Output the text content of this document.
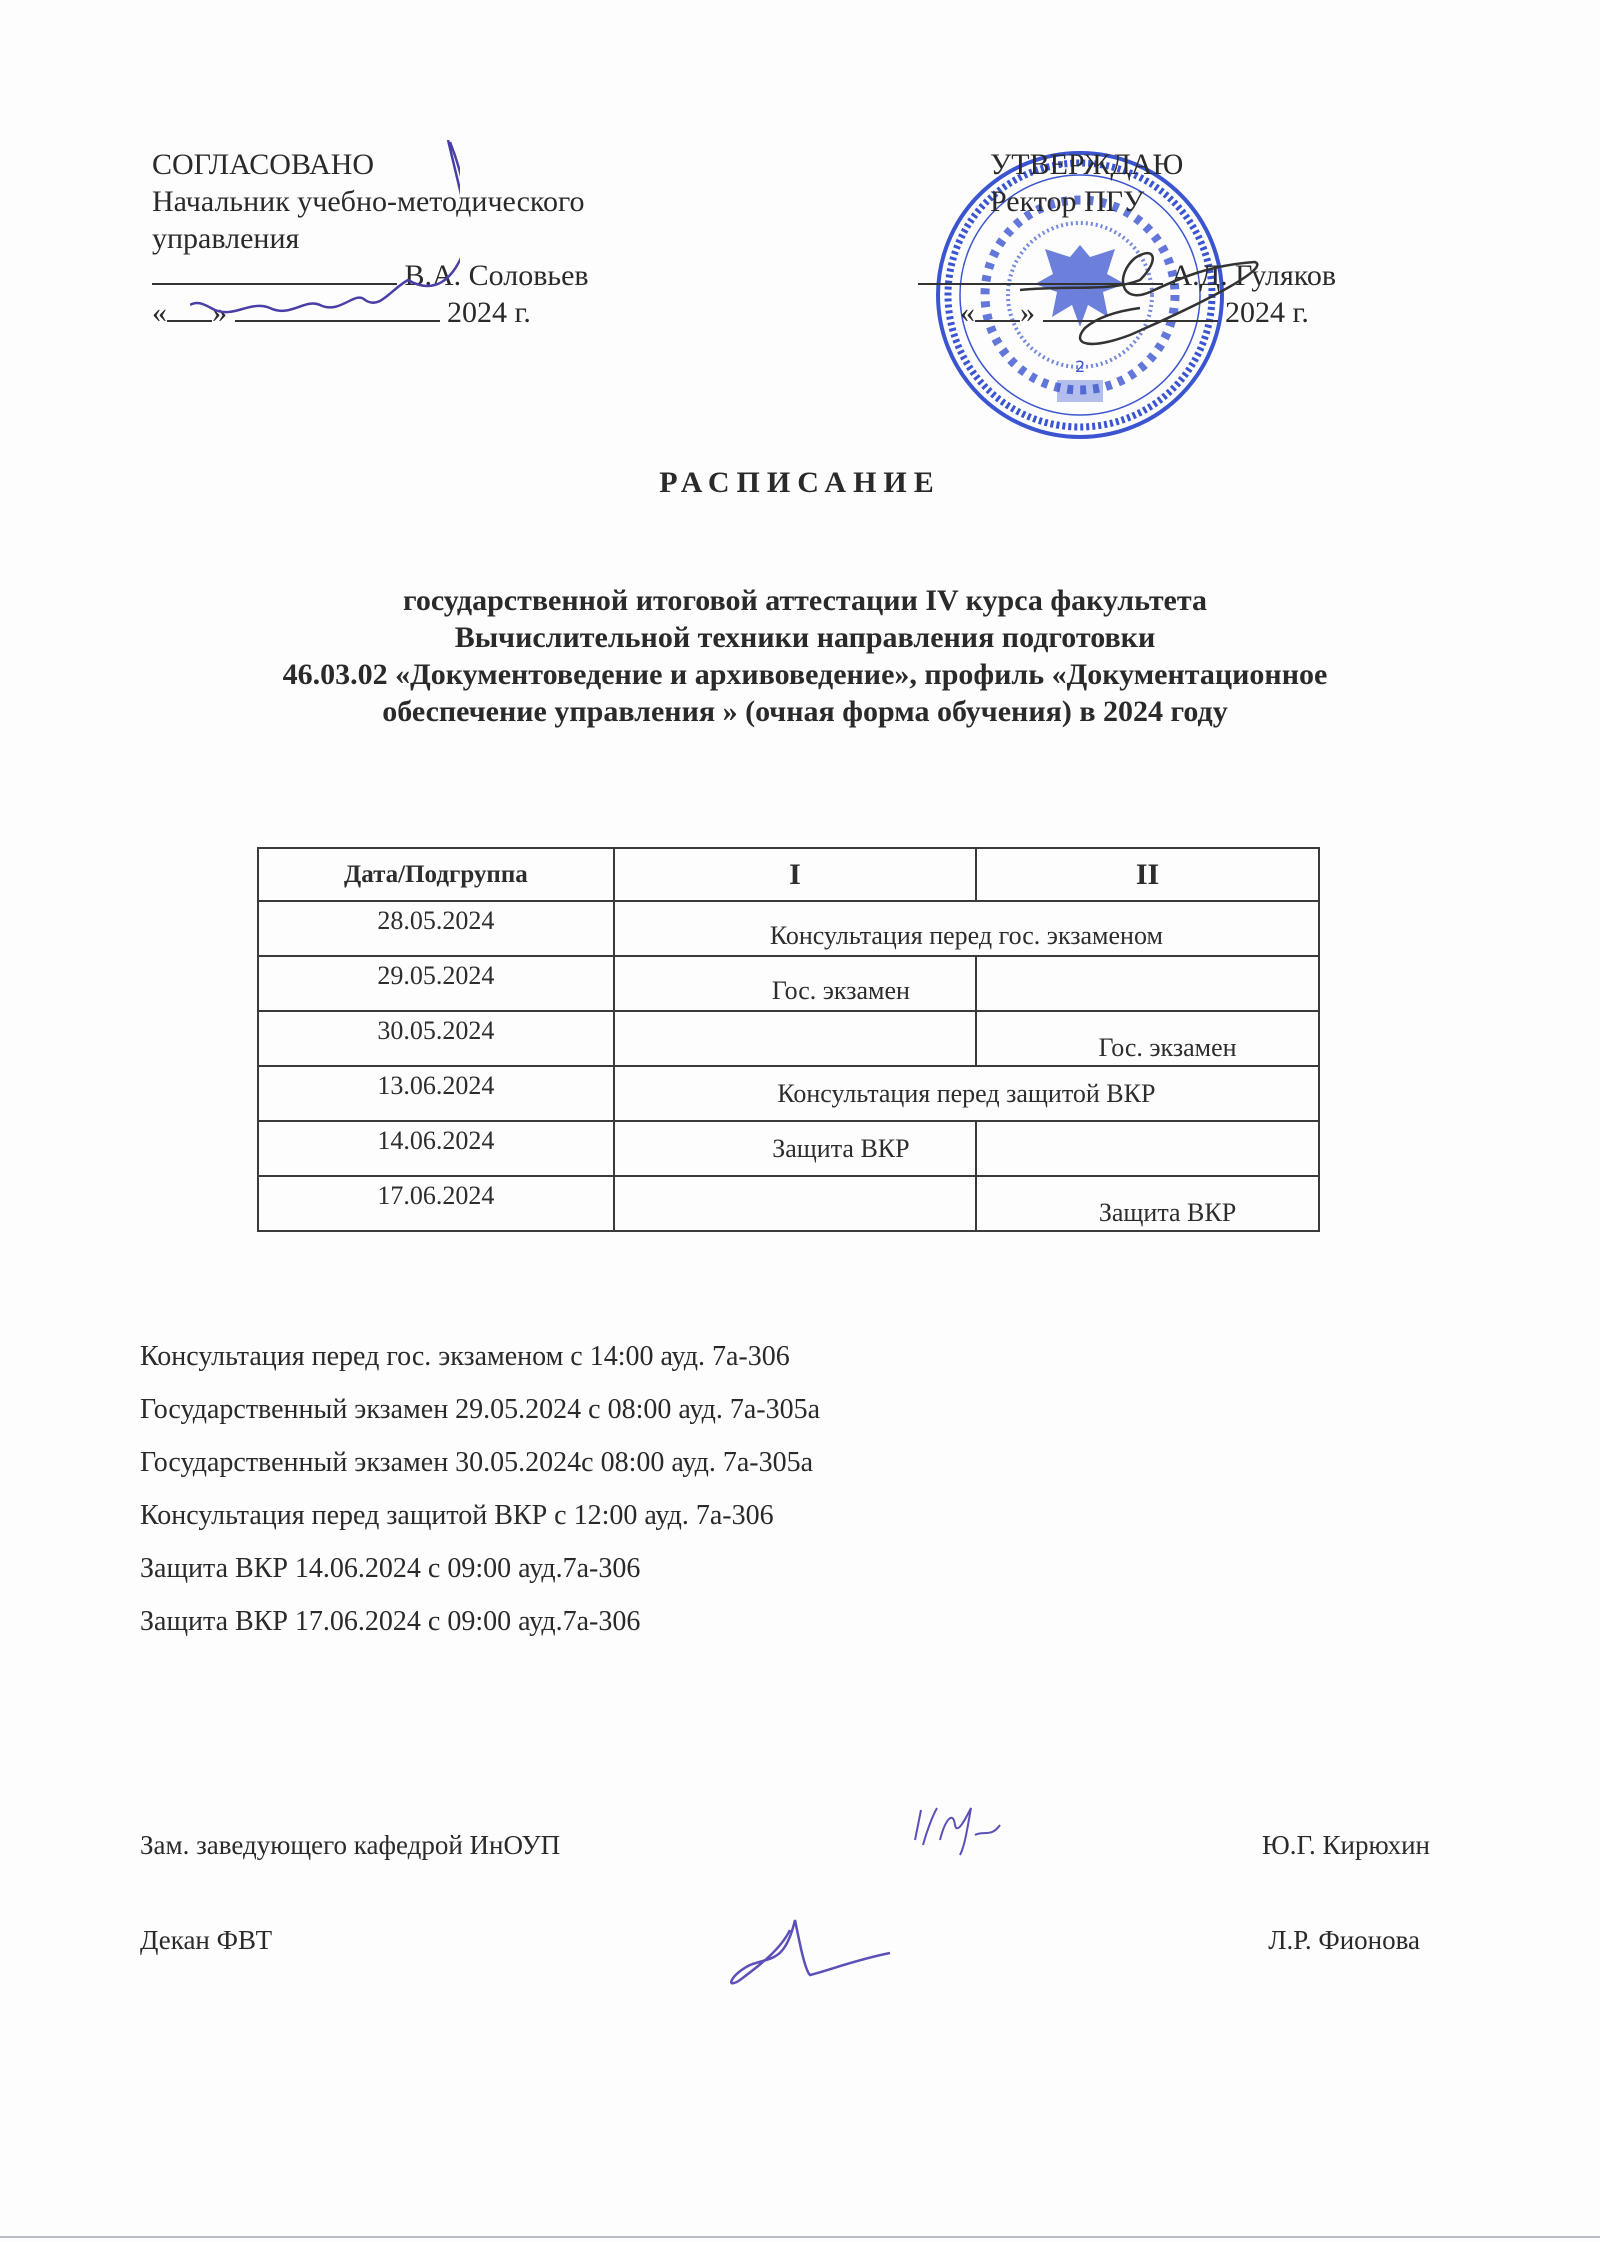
СОГЛАСОВАНО
Начальник учебно-методического
управления
В.А. Соловьев
« »	2024 г.
2
УТВЕРЖДАЮ
Ректор ПГУ
А.Д. Гуляков
« »	2024 г.
РАСПИСАНИЕ
государственной итоговой аттестации IV курса факультета
Вычислительной техники направления подготовки
46.03.02 «Документоведение и архивоведение», профиль «Документационное
обеспечение управления » (очная форма обучения) в 2024 году
Дата/Подгруппа	I	II
28.05.2024	Консультация перед гос. экзаменом	
29.05.2024	Гос. экзамен	
30.05.2024		Гос. экзамен
13.06.2024	Консультация перед защитой ВКР	
14.06.2024	Защита ВКР	
17.06.2024		Защита ВКР
Консультация перед гос. экзаменом с 14:00 ауд. 7а-306
Государственный экзамен 29.05.2024 с 08:00 ауд. 7а-305а
Государственный экзамен 30.05.2024с 08:00 ауд. 7а-305а
Консультация перед защитой ВКР с 12:00 ауд. 7а-306
Защита ВКР 14.06.2024 с 09:00 ауд.7а-306
Защита ВКР 17.06.2024 с 09:00 ауд.7а-306
Зам. заведующего кафедрой ИнОУП	Ю.Г. Кирюхин
Декан ФВТ	Л.Р. Фионова
